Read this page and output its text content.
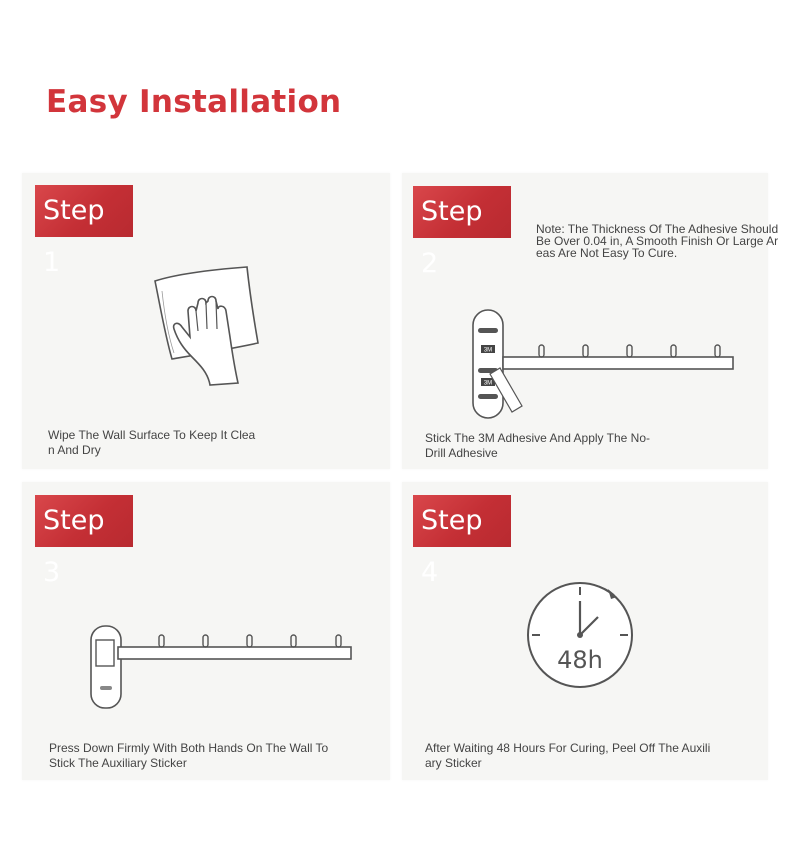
Easy Installation
Step 1
Wipe The Wall Surface To Keep It Clean And Dry
Step 2
Note: The Thickness Of The Adhesive Should Be Over 0.04 in, A Smooth Finish Or Large Areas Are Not Easy To Cure.
3M
3M
Stick The 3M Adhesive And Apply The No-Drill Adhesive
Step 3
Press Down Firmly With Both Hands On The Wall To Stick The Auxiliary Sticker
Step 4
48h
After Waiting 48 Hours For Curing, Peel Off The Auxiliary Sticker
